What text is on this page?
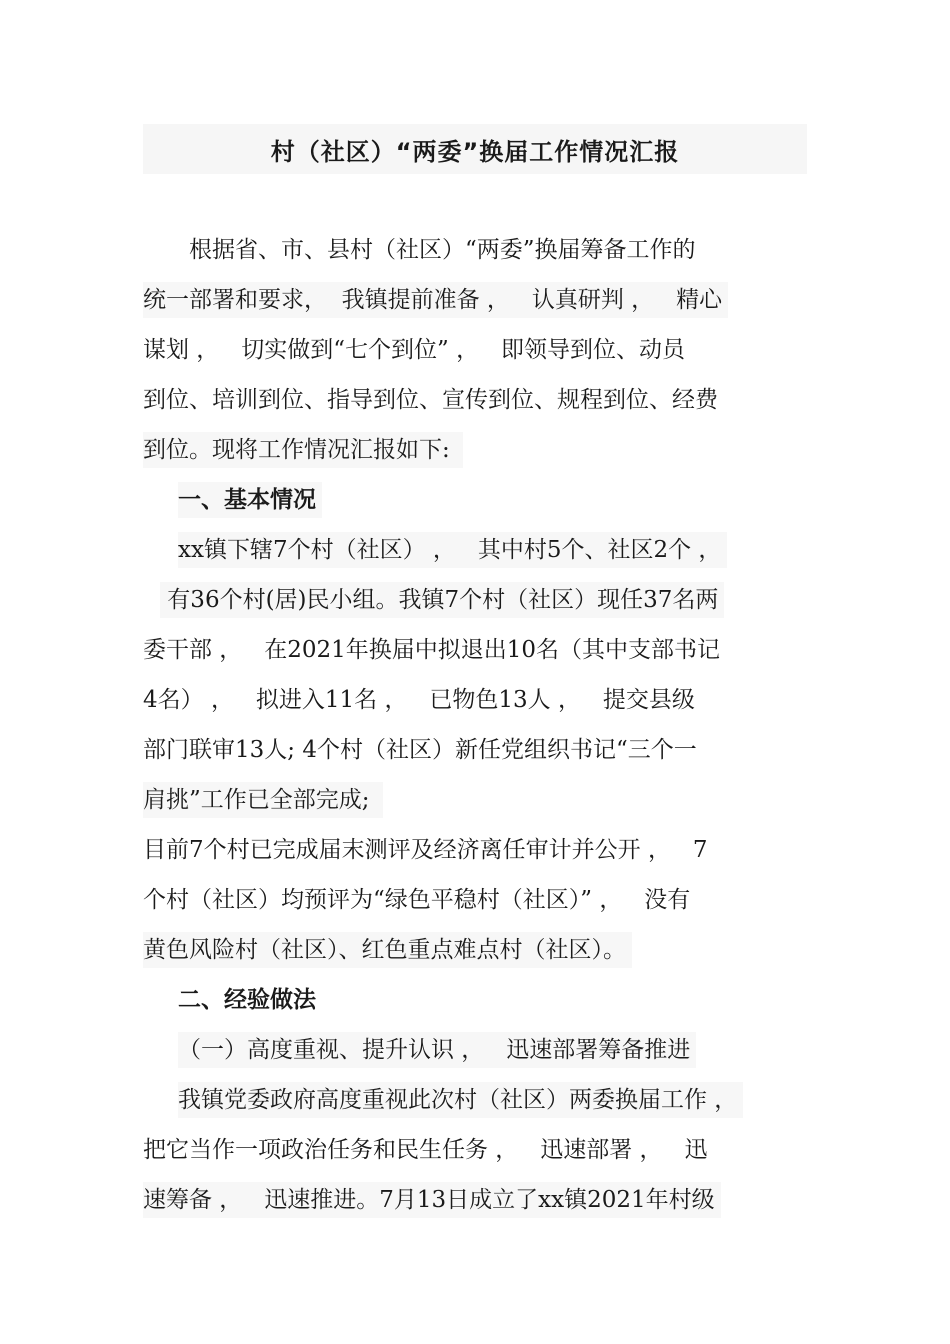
村（社区）“两委”换届工作情况汇报
　　根据省、市、县村（社区）“两委”换届筹备工作的
统一部署和要求，  我镇提前准备 ，   认真研判 ，   精心
谋划 ，   切实做到“七个到位” ，   即领导到位、动员
到位、培训到位、指导到位、宣传到位、规程到位、经费
到位。现将工作情况汇报如下:
一、基本情况
xx镇下辖7个村（社区） ，   其中村5个、社区2个 ，
有36个村(居)民小组。我镇7个村（社区）现任37名两
委干部 ，   在2021年换届中拟退出10名（其中支部书记
4名） ，   拟进入11名 ，   已物色13人 ，   提交县级
部门联审13人; 4个村（社区）新任党组织书记“三个一
肩挑”工作已全部完成;
目前7个村已完成届末测评及经济离任审计并公开 ，   7
个村（社区）均预评为“绿色平稳村（社区）” ，   没有
黄色风险村（社区）、红色重点难点村（社区）。
二、经验做法
（一）高度重视、提升认识 ，   迅速部署筹备推进
我镇党委政府高度重视此次村（社区）两委换届工作 ，
把它当作一项政治任务和民生任务 ，   迅速部署 ，   迅
速筹备 ，   迅速推进。7月13日成立了xx镇2021年村级
